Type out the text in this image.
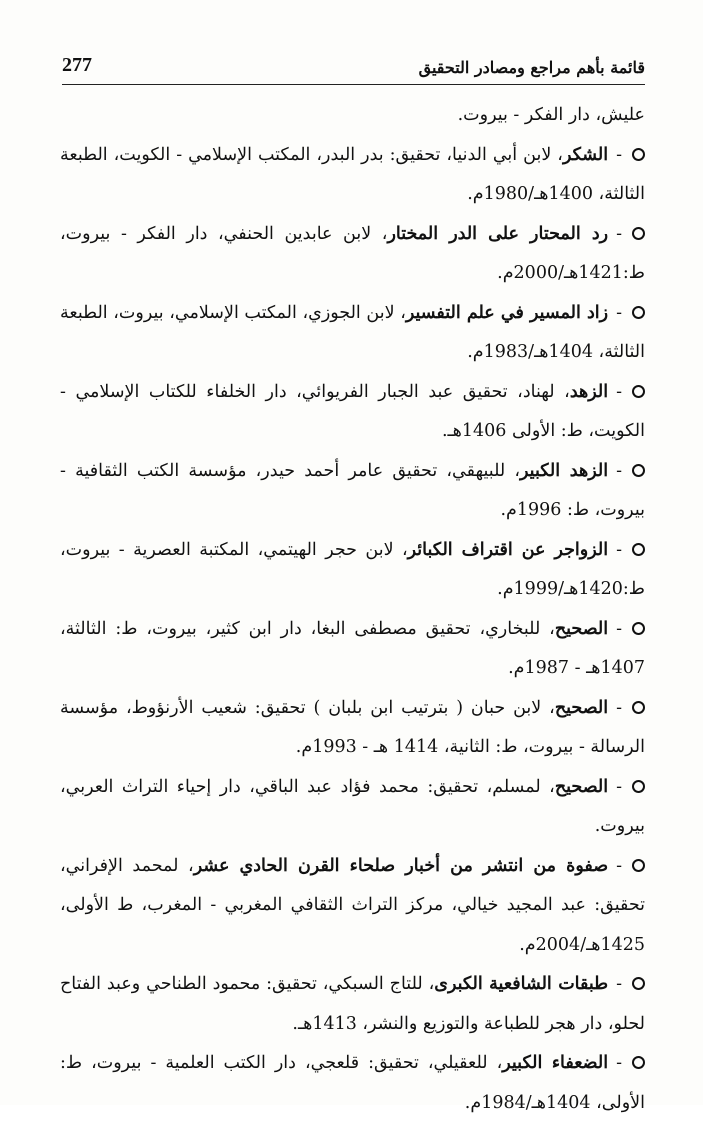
277	قائمة بأهم مراجع ومصادر التحقيق

عليش، دار الفكر - بيروت.

-الشكر، لابن أبي الدنيا، تحقيق: بدر البدر، المكتب الإسلامي - الكويت، الطبعة الثالثة، 1400هـ/1980م.

-رد المحتار على الدر المختار، لابن عابدين الحنفي، دار الفكر - بيروت، ط:1421هـ/2000م.

-زاد المسير في علم التفسير، لابن الجوزي، المكتب الإسلامي، بيروت، الطبعة الثالثة، 1404هـ/1983م.

-الزهد، لهناد، تحقيق عبد الجبار الفريوائي، دار الخلفاء للكتاب الإسلامي - الكويت، ط: الأولى 1406هـ.

-الزهد الكبير، للبيهقي، تحقيق عامر أحمد حيدر، مؤسسة الكتب الثقافية - بيروت، ط: 1996م.

-الزواجر عن اقتراف الكبائر، لابن حجر الهيتمي، المكتبة العصرية - بيروت، ط:1420هـ/1999م.

-الصحيح، للبخاري، تحقيق مصطفى البغا، دار ابن كثير، بيروت، ط: الثالثة، 1407هـ - 1987م.

-الصحيح، لابن حبان ( بترتيب ابن بلبان ) تحقيق: شعيب الأرنؤوط، مؤسسة الرسالة - بيروت، ط: الثانية، 1414 هـ - 1993م.

-الصحيح، لمسلم، تحقيق: محمد فؤاد عبد الباقي، دار إحياء التراث العربي، بيروت.

-صفوة من انتشر من أخبار صلحاء القرن الحادي عشر، لمحمد الإفراني، تحقيق: عبد المجيد خيالي، مركز التراث الثقافي المغربي - المغرب، ط الأولى، 1425هـ/2004م.

-طبقات الشافعية الكبرى، للتاج السبكي، تحقيق: محمود الطناحي وعبد الفتاح لحلو، دار هجر للطباعة والتوزيع والنشر، 1413هـ.

-الضعفاء الكبير، للعقيلي، تحقيق: قلعجي، دار الكتب العلمية - بيروت، ط: الأولى، 1404هـ/1984م.
